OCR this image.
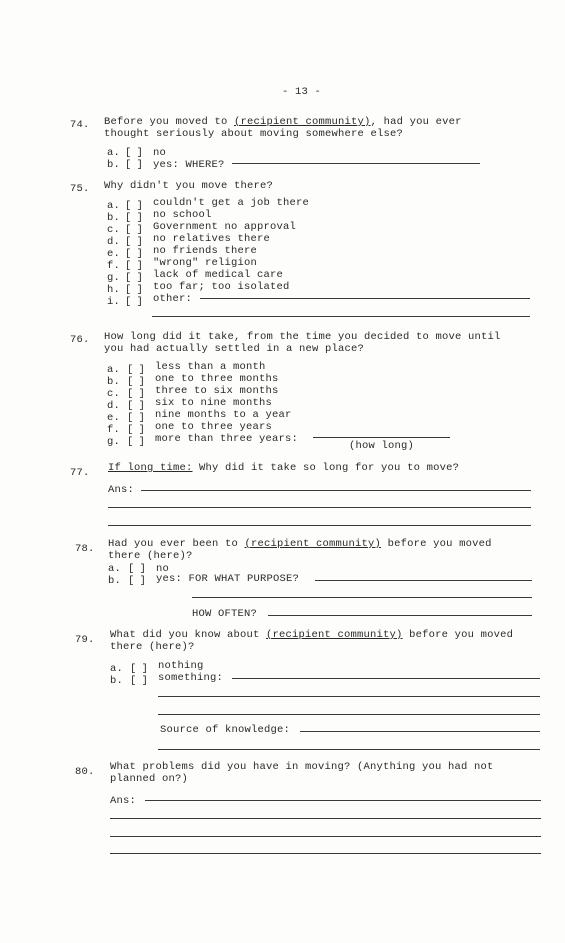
- 13 -
74. Before you moved to (recipient community), had you ever
thought seriously about moving somewhere else?
a. [ ] no
b. [ ] yes: WHERE?
75. Why didn't you move there?
a. [ ] couldn't get a job there
b. [ ] no school
c. [ ] Government no approval
d. [ ] no relatives there
e. [ ] no friends there
f. [ ] "wrong" religion
g. [ ] lack of medical care
h. [ ] too far; too isolated
i. [ ] other:
76. How long did it take, from the time you decided to move until
you had actually settled in a new place?
a. [ ] less than a month
b. [ ] one to three months
c. [ ] three to six months
d. [ ] six to nine months
e. [ ] nine months to a year
f. [ ] one to three years
g. [ ] more than three years:
(how long)
77. If long time: Why did it take so long for you to move?
Ans:
78. Had you ever been to (recipient community) before you moved
there (here)?
a. [ ] no
b. [ ] yes: FOR WHAT PURPOSE?
HOW OFTEN?
79. What did you know about (recipient community) before you moved
there (here)?
a. [ ] nothing
b. [ ] something:
Source of knowledge:
80. What problems did you have in moving? (Anything you had not
planned on?)
Ans:
